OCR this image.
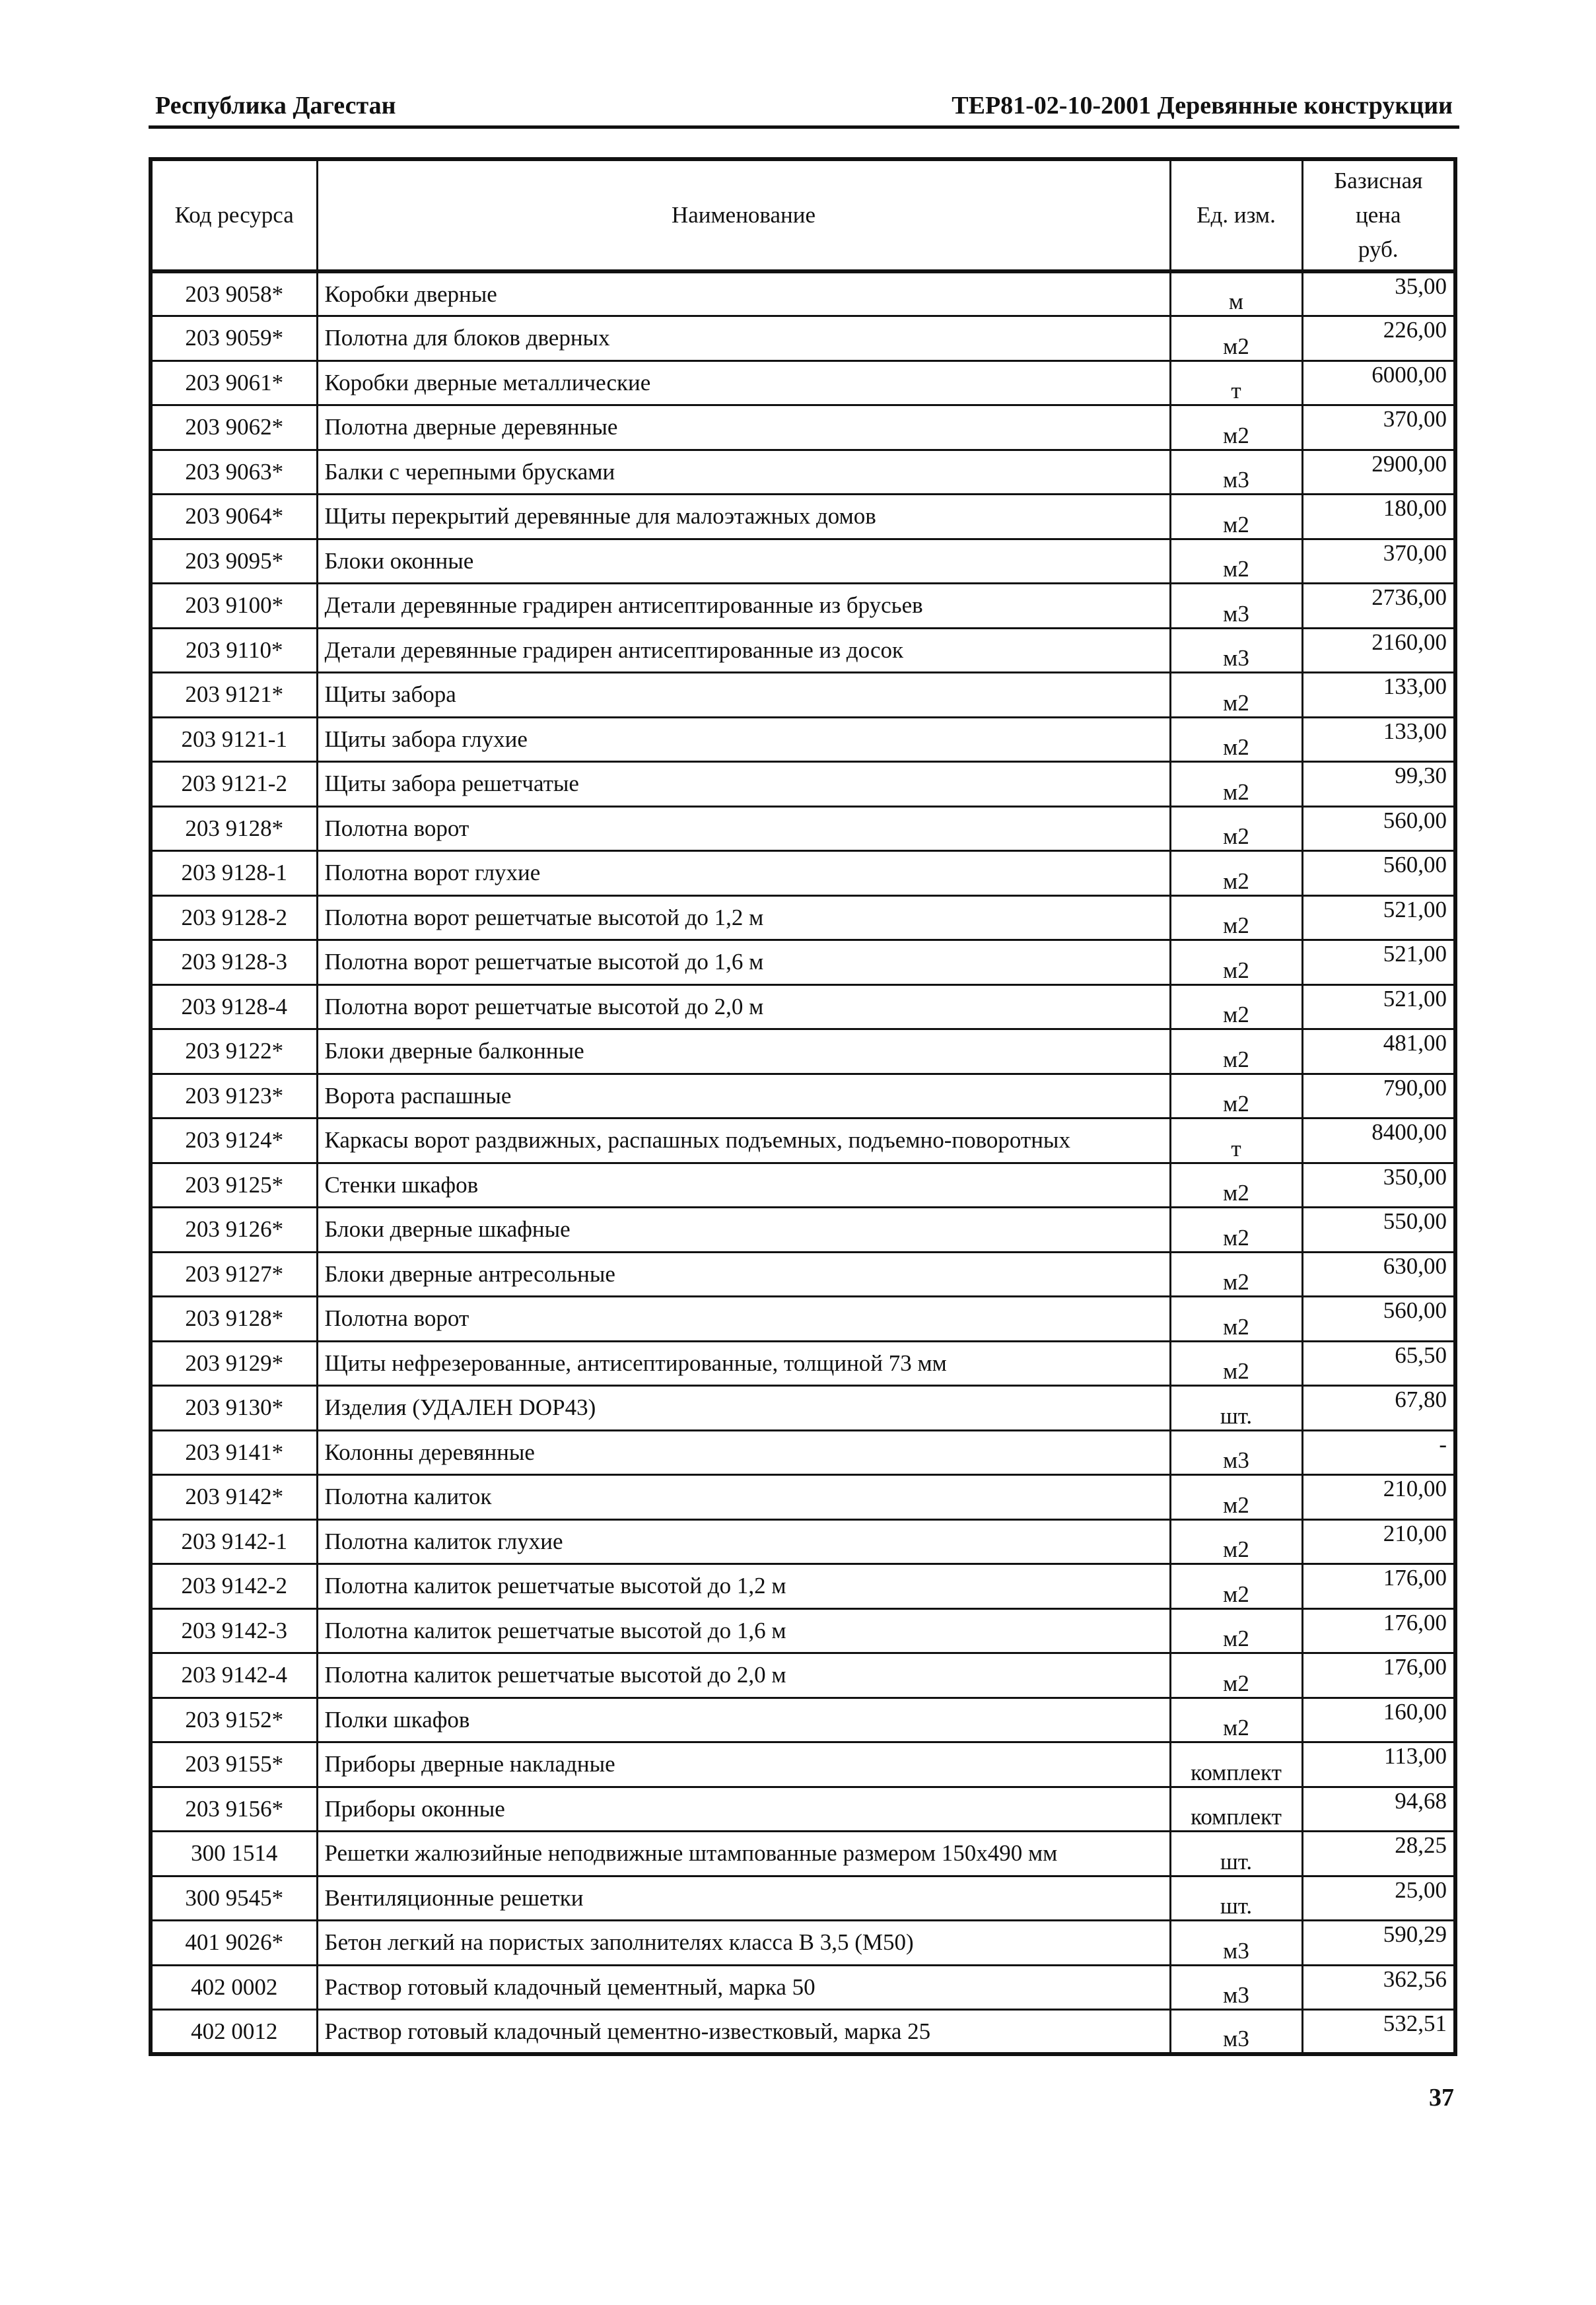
Республика Дагестан	ТЕР81-02-10-2001 Деревянные конструкции
Код ресурса	Наименование	Ед. изм.	Базисная
цена
руб.

203 9058*	Коробки дверные	м	35,00
203 9059*	Полотна для блоков дверных	м2	226,00
203 9061*	Коробки дверные металлические	т	6000,00
203 9062*	Полотна дверные деревянные	м2	370,00
203 9063*	Балки с черепными брусками	м3	2900,00
203 9064*	Щиты перекрытий деревянные для малоэтажных домов	м2	180,00
203 9095*	Блоки оконные	м2	370,00
203 9100*	Детали деревянные градирен антисептированные из брусьев	м3	2736,00
203 9110*	Детали деревянные градирен антисептированные из досок	м3	2160,00
203 9121*	Щиты забора	м2	133,00
203 9121-1	Щиты забора глухие	м2	133,00
203 9121-2	Щиты забора решетчатые	м2	99,30
203 9128*	Полотна ворот	м2	560,00
203 9128-1	Полотна ворот глухие	м2	560,00
203 9128-2	Полотна ворот решетчатые высотой до 1,2 м	м2	521,00
203 9128-3	Полотна ворот решетчатые высотой до 1,6 м	м2	521,00
203 9128-4	Полотна ворот решетчатые высотой до 2,0 м	м2	521,00
203 9122*	Блоки дверные балконные	м2	481,00
203 9123*	Ворота распашные	м2	790,00
203 9124*	Каркасы ворот раздвижных, распашных подъемных, подъемно-поворотных	т	8400,00
203 9125*	Стенки шкафов	м2	350,00
203 9126*	Блоки дверные шкафные	м2	550,00
203 9127*	Блоки дверные антресольные	м2	630,00
203 9128*	Полотна ворот	м2	560,00
203 9129*	Щиты нефрезерованные, антисептированные, толщиной 73 мм	м2	65,50
203 9130*	Изделия (УДАЛЕН DOP43)	шт.	67,80
203 9141*	Колонны деревянные	м3	-
203 9142*	Полотна калиток	м2	210,00
203 9142-1	Полотна калиток глухие	м2	210,00
203 9142-2	Полотна калиток решетчатые высотой до 1,2 м	м2	176,00
203 9142-3	Полотна калиток решетчатые высотой до 1,6 м	м2	176,00
203 9142-4	Полотна калиток решетчатые высотой до 2,0 м	м2	176,00
203 9152*	Полки шкафов	м2	160,00
203 9155*	Приборы дверные накладные	комплект	113,00
203 9156*	Приборы оконные	комплект	94,68
300 1514	Решетки жалюзийные неподвижные штампованные размером 150х490 мм	шт.	28,25
300 9545*	Вентиляционные решетки	шт.	25,00
401 9026*	Бетон легкий на пористых заполнителях класса В 3,5 (М50)	м3	590,29
402 0002	Раствор готовый кладочный цементный, марка 50	м3	362,56
402 0012	Раствор готовый кладочный цементно-известковый, марка 25	м3	532,51
37
